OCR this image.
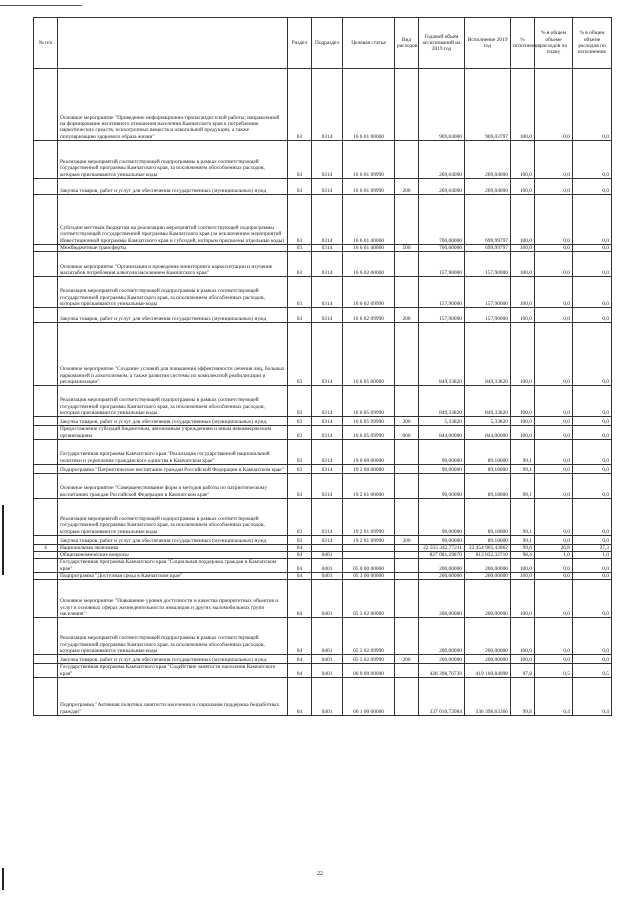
№ п/п		Раздел	Подраздел	Целевая статья	Вид расходов	Годовой объем ассигнований на 2019 год	Исполнение 2019 год	% исполнения	% в общем объеме расходов по плану	% в общем объеме расходов по исполнению
	Основное мероприятие "Проведение информационно-пропагандистской работы, направленной на формирование негативного отношения населения Камчатского края к потреблению наркотических средств, психотропных веществ и алкогольной продукции, а также популяризацию здорового образа жизни"	03	0314	16 6 01 00000		969,04000	969,03797	100,0	0,0	0,0
	Реализация мероприятий соответствующей подпрограммы в рамках соответствующей государственной программы Камчатского края, за исключением обособленных расходов, которым присваиваются уникальные коды	03	0314	16 6 01 09990		269,04000	269,04000	100,0	0,0	0,0
	Закупка товаров, работ и услуг для обеспечения государственных (муниципальных) нужд	03	0314	16 6 01 09990	200	269,04000	269,04000	100,0	0,0	0,0
	Субсидии местным бюджетам на реализацию мероприятий соответствующей подпрограммы соответствующей государственной программы Камчатского края (за исключением мероприятий Инвестиционной программы Камчатского края и субсидий, которым присвоены отдельные коды)	03	0314	16 6 01 40060		700,00000	699,99797	100,0	0,0	0,0
	Межбюджетные трансферты	03	0314	16 6 01 40060	500	700,00000	699,99797	100,0	0,0	0,0
	Основное мероприятие "Организация и проведение мониторинга наркоситуации и изучение масштабов потребления алкоголя населением Камчатского края"	03	0314	16 6 02 00000		157,90000	157,90000	100,0	0,0	0,0
	Реализация мероприятий соответствующей подпрограммы в рамках соответствующей государственной программы Камчатского края, за исключением обособленных расходов, которым присваиваются уникальные коды	03	0314	16 6 02 09990		157,90000	157,90000	100,0	0,0	0,0
	Закупка товаров, работ и услуг для обеспечения государственных (муниципальных) нужд	03	0314	16 6 02 09990	200	157,90000	157,90000	100,0	0,0	0,0
	Основное мероприятие "Создание условий для повышения эффективности лечения лиц, больных наркоманией и алкоголизмом, а также развития системы их комплексной реабилитации и ресоциализации"	03	0314	16 6 05 00000		849,33820	849,33820	100,0	0,0	0,0
	Реализация мероприятий соответствующей подпрограммы в рамках соответствующей государственной программы Камчатского края, за исключением обособленных расходов, которым присваиваются уникальные коды	03	0314	16 6 05 09990		849,33820	849,33820	100,0	0,0	0,0
	Закупка товаров, работ и услуг для обеспечения государственных (муниципальных) нужд	03	0314	16 6 05 09990	200	5,33820	5,33820	100,0	0,0	0,0
	Предоставление субсидий бюджетным, автономным учреждениям и иным некоммерческим организациям	03	0314	16 6 05 09990	600	844,00000	844,00000	100,0	0,0	0,0
	Государственная программа Камчатского края "Реализация государственной национальной политики и укрепление гражданского единства в Камчатском крае"	03	0314	19 0 00 00000		90,00000	89,18000	99,1	0,0	0,0
	Подпрограмма "Патриотическое воспитание граждан Российской Федерации в Камчатском крае"	03	0314	19 2 00 00000		90,00000	89,18000	99,1	0,0	0,0
	Основное мероприятие "Совершенствование форм и методов работы по патриотическому воспитанию граждан Российской Федерации в Камчатском крае"	03	0314	19 2 01 00000		90,00000	89,18000	99,1	0,0	0,0
	Реализация мероприятий соответствующей подпрограммы в рамках соответствующей государственной программы Камчатского края, за исключением обособленных расходов, которым присваиваются уникальные коды	03	0314	19 2 01 09990		90,00000	89,18000	99,1	0,0	0,0
	Закупка товаров, работ и услуг для обеспечения государственных (муниципальных) нужд	03	0314	19 2 01 09990	200	90,00000	89,18000	99,1	0,0	0,0
4	Национальная экономика	04				22 555 342,77211	22 454 905,43062	99,6	26,8	27,3
	Общеэкономические вопросы	04	0401			827 081,29870	813 832,32710	98,4	1,0	1,0
	Государственная программа Камчатского края "Социальная поддержка граждан в Камчатском крае"	04	0401	05 0 00 00000		200,00000	200,00000	100,0	0,0	0,0
	Подпрограмма "Доступная среда в Камчатском крае"	04	0401	05 3 00 00000		200,00000	200,00000	100,0	0,0	0,0
	Основное мероприятие "Повышение уровня доступности и качества приоритетных объектов и услуг в основных сферах жизнедеятельности инвалидов и других маломобильных групп населения"	04	0401	05 3 02 00000		200,00000	200,00000	100,0	0,0	0,0
	Реализация мероприятий соответствующей подпрограммы в рамках соответствующей государственной программы Камчатского края, за исключением обособленных расходов, которым присваиваются уникальные коды	04	0401	05 3 02 09990		200,00000	200,00000	100,0	0,0	0,0
	Закупка товаров, работ и услуг для обеспечения государственных (муниципальных) нужд	04	0401	05 3 02 09990	200	200,00000	200,00000	100,0	0,0	0,0
	Государственная программа Камчатского края "Содействие занятости населения Камчатского края"	04	0401	06 0 00 00000		428 398,76739	419 160,84098	97,8	0,5	0,5
	Подпрограмма "Активная политика занятости населения и социальная поддержка безработных граждан"	04	0401	06 1 00 00000		337 010,72084	336 398,63366	99,8	0,4	0,4
22
